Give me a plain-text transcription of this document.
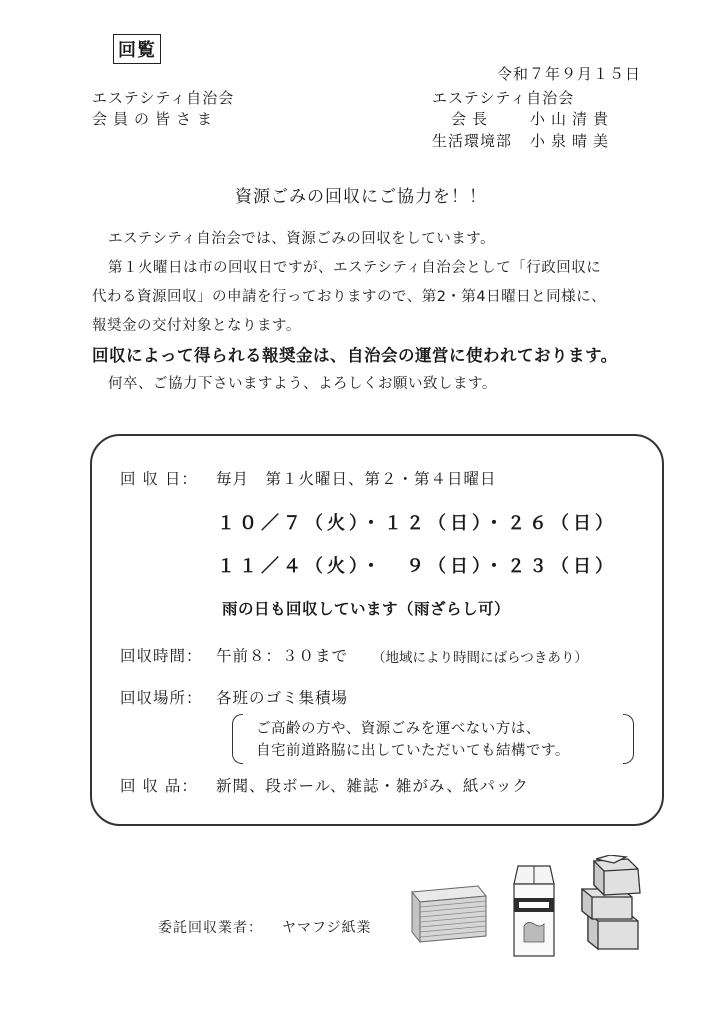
回覧
令和７年９月１５日
エステシティ自治会
会員の皆さま
エステシティ自治会
会長 小山清貴
生活環境部 小泉晴美
資源ごみの回収にご協力を！！
エステシティ自治会では、資源ごみの回収をしています。
第１火曜日は市の回収日ですが、エステシティ自治会として「行政回収に
代わる資源回収」の申請を行っておりますので、第2・第4日曜日と同様に、
報奨金の交付対象となります。
回収によって得られる報奨金は、自治会の運営に使われております。
何卒、ご協力下さいますよう、よろしくお願い致します。
回 収 日： 毎月　第１火曜日、第２・第４日曜日
１０／７（火）・１２（日）・２６（日）
１１／４（火）・　９（日）・２３（日）
雨の日も回収しています（雨ざらし可）
回収時間： 午前８：３０まで （地域により時間にばらつきあり）
回収場所： 各班のゴミ集積場
ご高齢の方や、資源ごみを運べない方は、
自宅前道路脇に出していただいても結構です。
回 収 品： 新聞、段ボール、雑誌・雑がみ、紙パック
委託回収業者： ヤマフジ紙業
